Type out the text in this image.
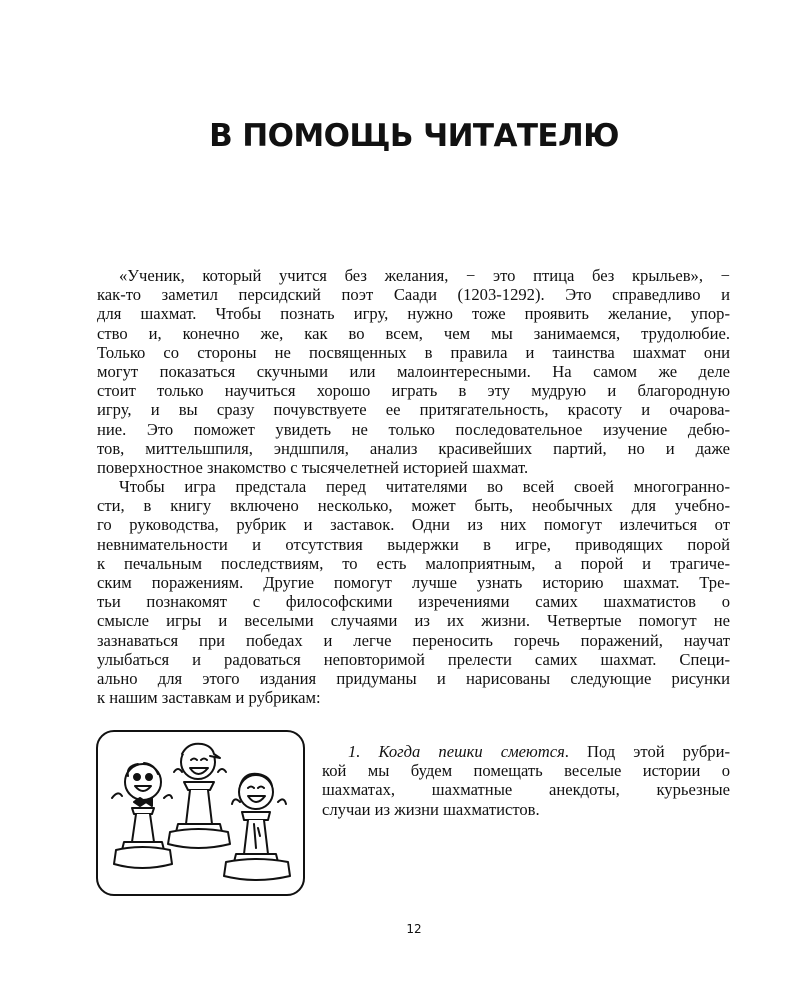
В ПОМОЩЬ ЧИТАТЕЛЮ
«Ученик, который учится без желания, − это птица без крыльев», −
как-то заметил персидский поэт Саади (1203-1292). Это справедливо и
для шахмат. Чтобы познать игру, нужно тоже проявить желание, упор-
ство и, конечно же, как во всем, чем мы занимаемся, трудолюбие.
Только со стороны не посвященных в правила и таинства шахмат они
могут показаться скучными или малоинтересными. На самом же деле
стоит только научиться хорошо играть в эту мудрую и благородную
игру, и вы сразу почувствуете ее притягательность, красоту и очарова-
ние. Это поможет увидеть не только последовательное изучение дебю-
тов, миттельшпиля, эндшпиля, анализ красивейших партий, но и даже
поверхностное знакомство с тысячелетней историей шахмат.
Чтобы игра предстала перед читателями во всей своей многогранно-
сти, в книгу включено несколько, может быть, необычных для учебно-
го руководства, рубрик и заставок. Одни из них помогут излечиться от
невнимательности и отсутствия выдержки в игре, приводящих порой
к печальным последствиям, то есть малоприятным, а порой и трагиче-
ским поражениям. Другие помогут лучше узнать историю шахмат. Тре-
тьи познакомят с философскими изречениями самих шахматистов о
смысле игры и веселыми случаями из их жизни. Четвертые помогут не
зазнаваться при победах и легче переносить горечь поражений, научат
улыбаться и радоваться неповторимой прелести самих шахмат. Специ-
ально для этого издания придуманы и нарисованы следующие рисунки
к нашим заставкам и рубрикам:
1. Когда пешки смеются. Под этой рубри-
кой мы будем помещать веселые истории о
шахматах, шахматные анекдоты, курьезные
случаи из жизни шахматистов.
12
